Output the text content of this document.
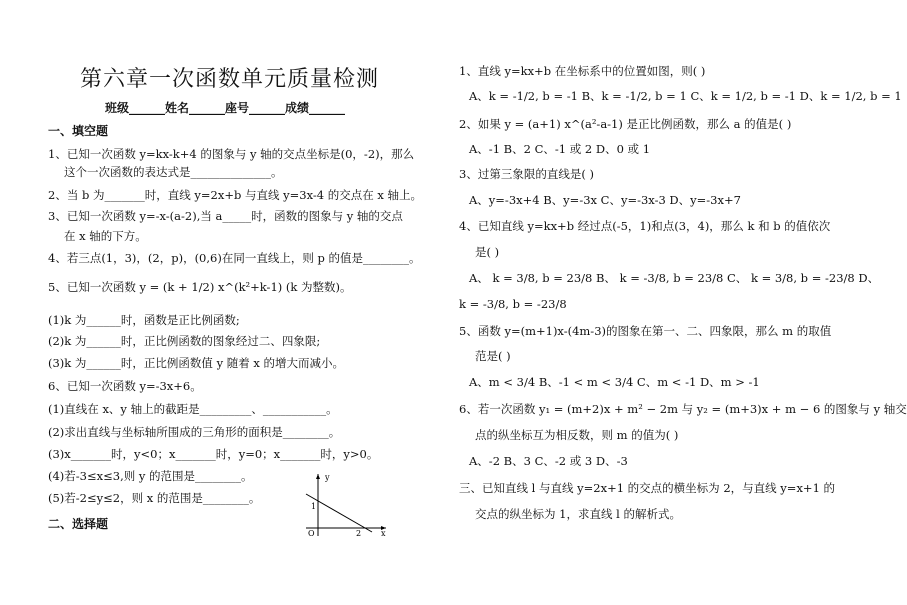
第六章一次函数单元质量检测
班级______姓名______座号______成绩______
一、填空题
1、已知一次函数 y=kx-k+4 的图象与 y 轴的交点坐标是(0，-2)，那么
这个一次函数的表达式是______________。
2、当 b 为_______时，直线 y=2x+b 与直线 y=3x-4 的交点在 x 轴上。
3、已知一次函数 y=-x-(a-2),当 a_____时，函数的图象与 y 轴的交点
在 x 轴的下方。
4、若三点(1，3)，(2，p)，(0,6)在同一直线上，则 p 的值是________。
5、已知一次函数 y = (k + 1/2) x^(k²+k-1) (k 为整数)。
(1)k 为______时，函数是正比例函数;
(2)k 为______时，正比例函数的图象经过二、四象限;
(3)k 为______时，正比例函数值 y 随着 x 的增大而减小。
6、已知一次函数 y=-3x+6。
(1)直线在 x、y 轴上的截距是_________、___________。
(2)求出直线与坐标轴所围成的三角形的面积是________。
(3)x_______时，y<0；x_______时，y=0；x_______时，y>0。
(4)若-3≤x≤3,则 y 的范围是________。
(5)若-2≤y≤2，则 x 的范围是________。
二、选择题
y
x
O
1
2
1、直线 y=kx+b 在坐标系中的位置如图，则( )
A、k = -1/2, b = -1 B、k = -1/2, b = 1 C、k = 1/2, b = -1 D、k = 1/2, b = 1
2、如果 y = (a+1) x^(a²-a-1) 是正比例函数，那么 a 的值是( )
A、-1 B、2 C、-1 或 2 D、0 或 1
3、过第三象限的直线是( )
A、y=-3x+4 B、y=-3x C、y=-3x-3 D、y=-3x+7
4、已知直线 y=kx+b 经过点(-5，1)和点(3，4)，那么 k 和 b 的值依次
是( )
A、 k = 3/8, b = 23/8 B、 k = -3/8, b = 23/8 C、 k = 3/8, b = -23/8 D、
k = -3/8, b = -23/8
5、函数 y=(m+1)x-(4m-3)的图象在第一、二、四象限，那么 m 的取值
范是( )
A、m < 3/4 B、-1 < m < 3/4 C、m < -1 D、m > -1
6、若一次函数 y₁ = (m+2)x + m² − 2m 与 y₂ = (m+3)x + m − 6 的图象与 y 轴交
点的纵坐标互为相反数，则 m 的值为( )
A、-2 B、3 C、-2 或 3 D、-3
三、已知直线 l 与直线 y=2x+1 的交点的横坐标为 2，与直线 y=x+1 的
交点的纵坐标为 1，求直线 l 的解析式。
